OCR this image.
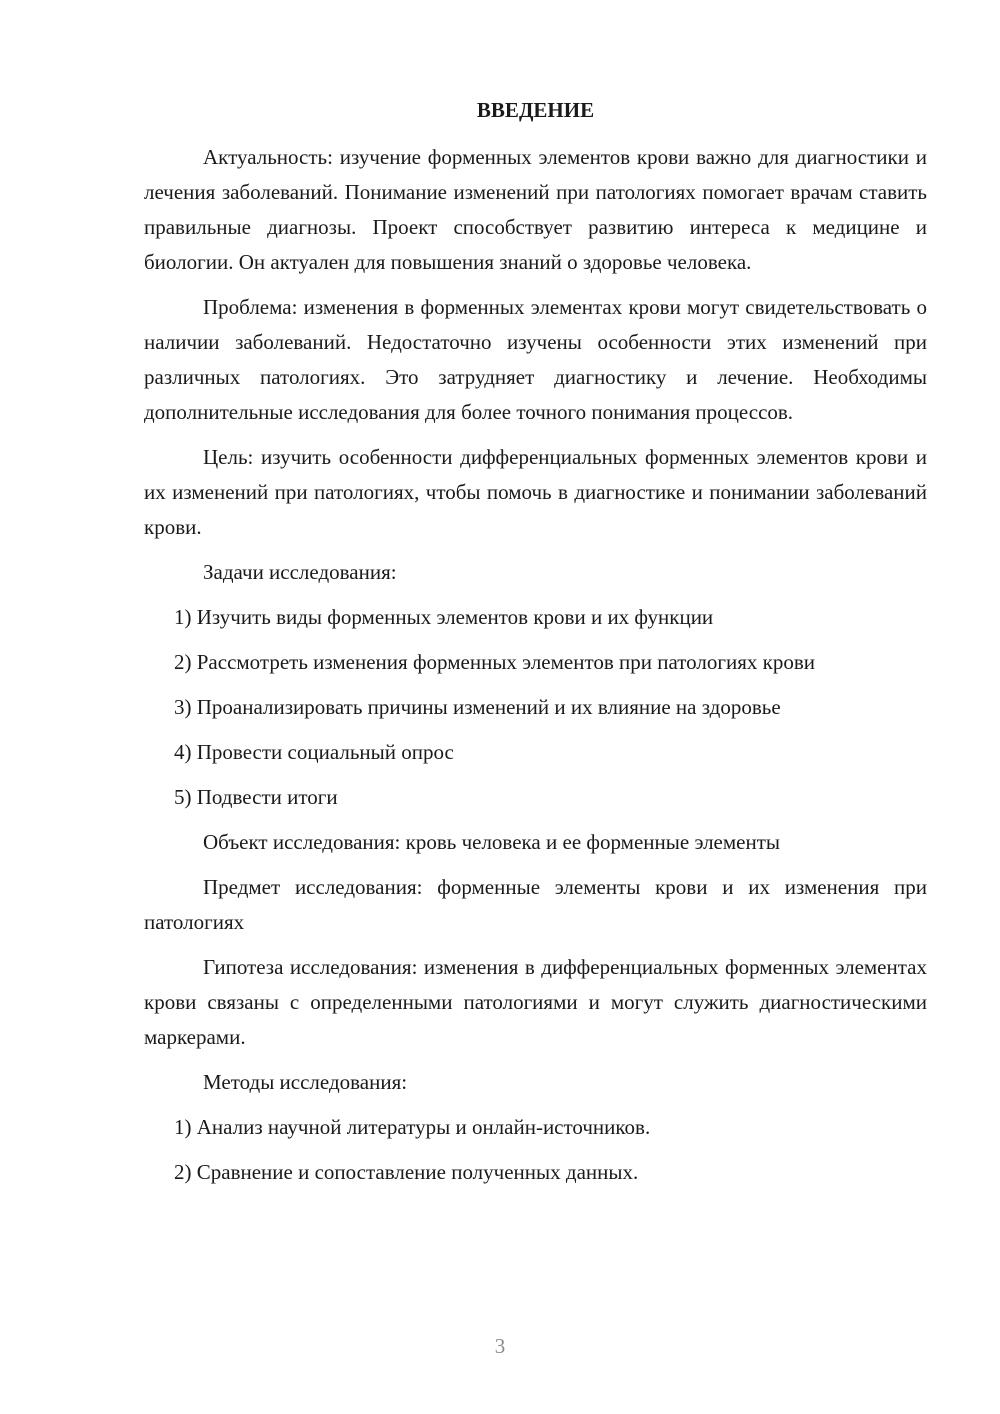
ВВЕДЕНИЕ

Актуальность: изучение форменных элементов крови важно для диагностики и лечения заболеваний. Понимание изменений при патологиях помогает врачам ставить правильные диагнозы. Проект способствует развитию интереса к медицине и биологии. Он актуален для повышения знаний о здоровье человека.

Проблема: изменения в форменных элементах крови могут свидетельствовать о наличии заболеваний. Недостаточно изучены особенности этих изменений при различных патологиях. Это затрудняет диагностику и лечение. Необходимы дополнительные исследования для более точного понимания процессов.

Цель: изучить особенности дифференциальных форменных элементов крови и их изменений при патологиях, чтобы помочь в диагностике и понимании заболеваний крови.

Задачи исследования:

1) Изучить виды форменных элементов крови и их функции

2) Рассмотреть изменения форменных элементов при патологиях крови

3) Проанализировать причины изменений и их влияние на здоровье

4) Провести социальный опрос

5) Подвести итоги

Объект исследования: кровь человека и ее форменные элементы

Предмет исследования: форменные элементы крови и их изменения при патологиях

Гипотеза исследования: изменения в дифференциальных форменных элементах крови связаны с определенными патологиями и могут служить диагностическими маркерами.

Методы исследования:

1) Анализ научной литературы и онлайн-источников.

2) Сравнение и сопоставление полученных данных.

3
